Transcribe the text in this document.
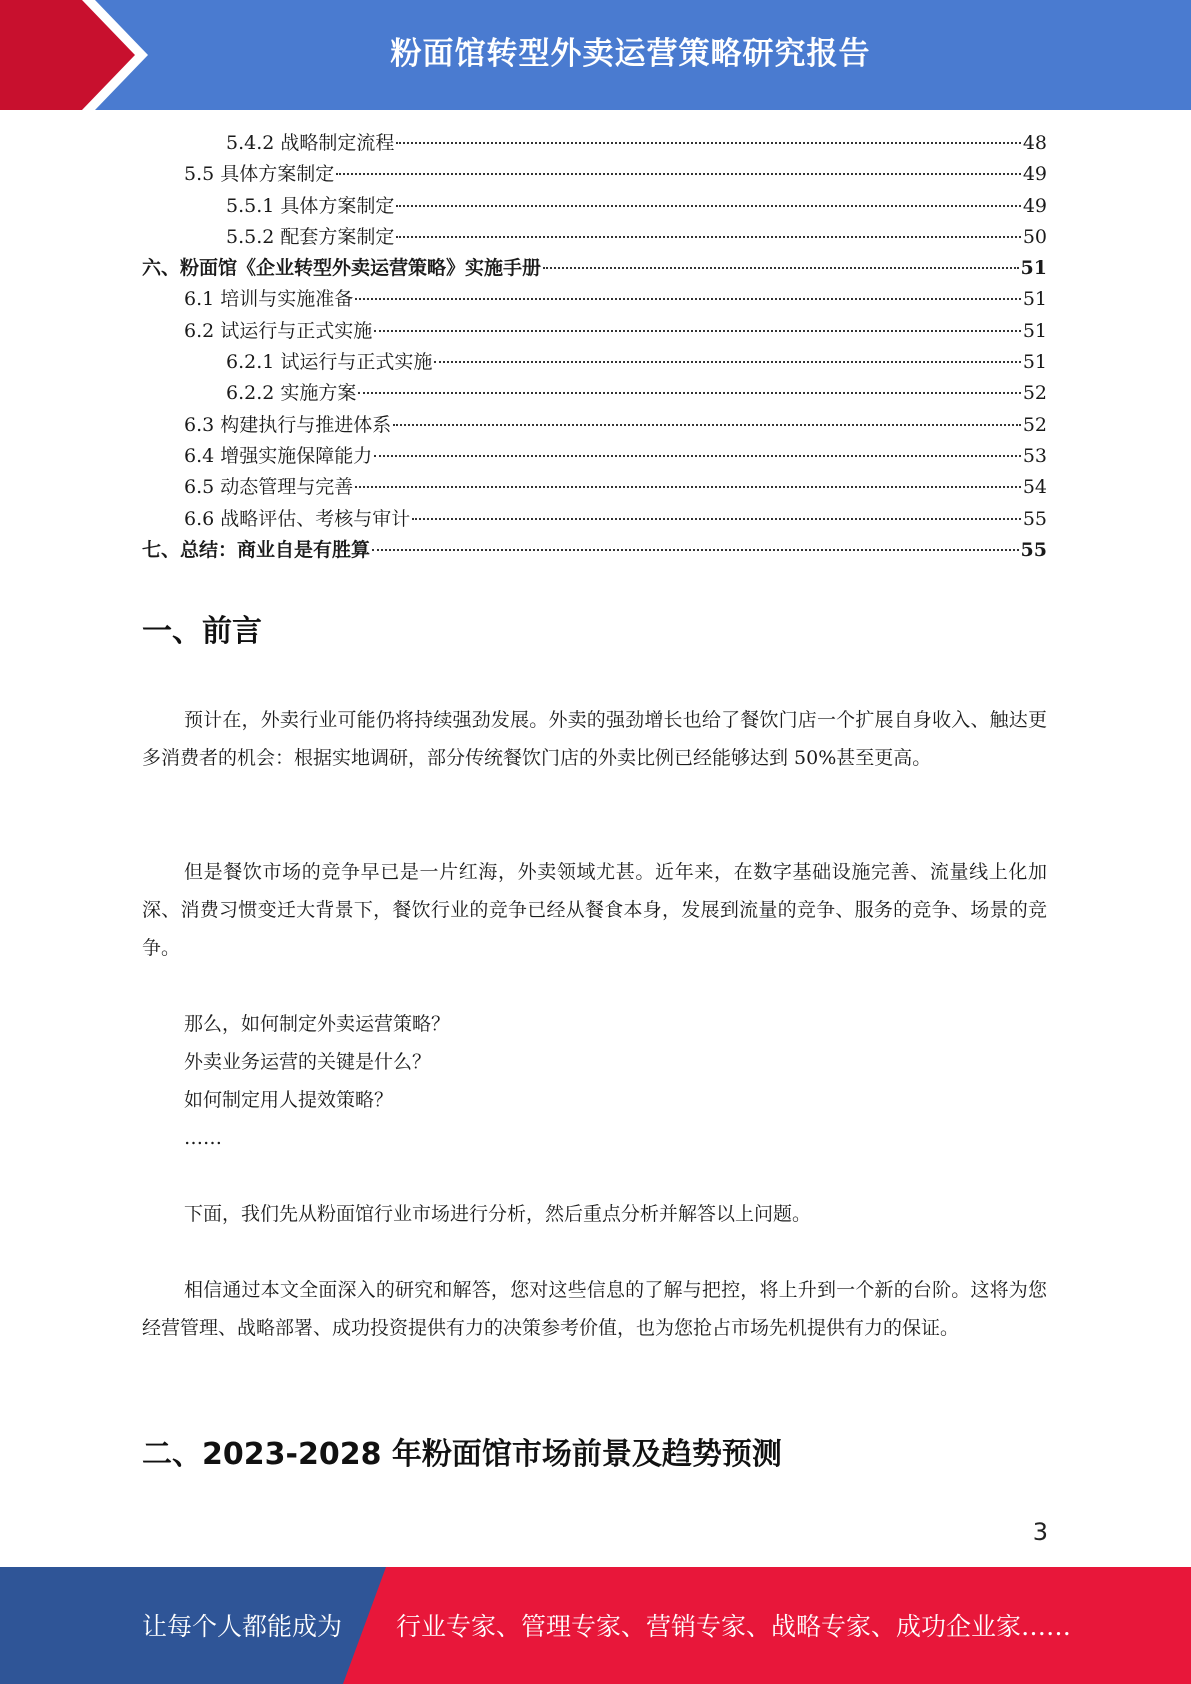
粉面馆转型外卖运营策略研究报告
5.4.2 战略制定流程	48
5.5 具体方案制定	49
5.5.1 具体方案制定	49
5.5.2 配套方案制定	50
六、粉面馆《企业转型外卖运营策略》实施手册	51
6.1 培训与实施准备	51
6.2 试运行与正式实施	51
6.2.1 试运行与正式实施	51
6.2.2 实施方案	52
6.3 构建执行与推进体系	52
6.4 增强实施保障能力	53
6.5 动态管理与完善	54
6.6 战略评估、考核与审计	55
七、总结：商业自是有胜算	55
一、前言
预计在，外卖行业可能仍将持续强劲发展。外卖的强劲增长也给了餐饮门店一个扩展自身收入、触达更多消费者的机会：根据实地调研，部分传统餐饮门店的外卖比例已经能够达到 50%甚至更高。
但是餐饮市场的竞争早已是一片红海，外卖领域尤甚。近年来，在数字基础设施完善、流量线上化加深、消费习惯变迁大背景下，餐饮行业的竞争已经从餐食本身，发展到流量的竞争、服务的竞争、场景的竞争。
那么，如何制定外卖运营策略？
外卖业务运营的关键是什么？
如何制定用人提效策略？
……
下面，我们先从粉面馆行业市场进行分析，然后重点分析并解答以上问题。
相信通过本文全面深入的研究和解答，您对这些信息的了解与把控，将上升到一个新的台阶。这将为您经营管理、战略部署、成功投资提供有力的决策参考价值，也为您抢占市场先机提供有力的保证。
二、2023-2028 年粉面馆市场前景及趋势预测
3
让每个人都能成为 行业专家、管理专家、营销专家、战略专家、成功企业家……
